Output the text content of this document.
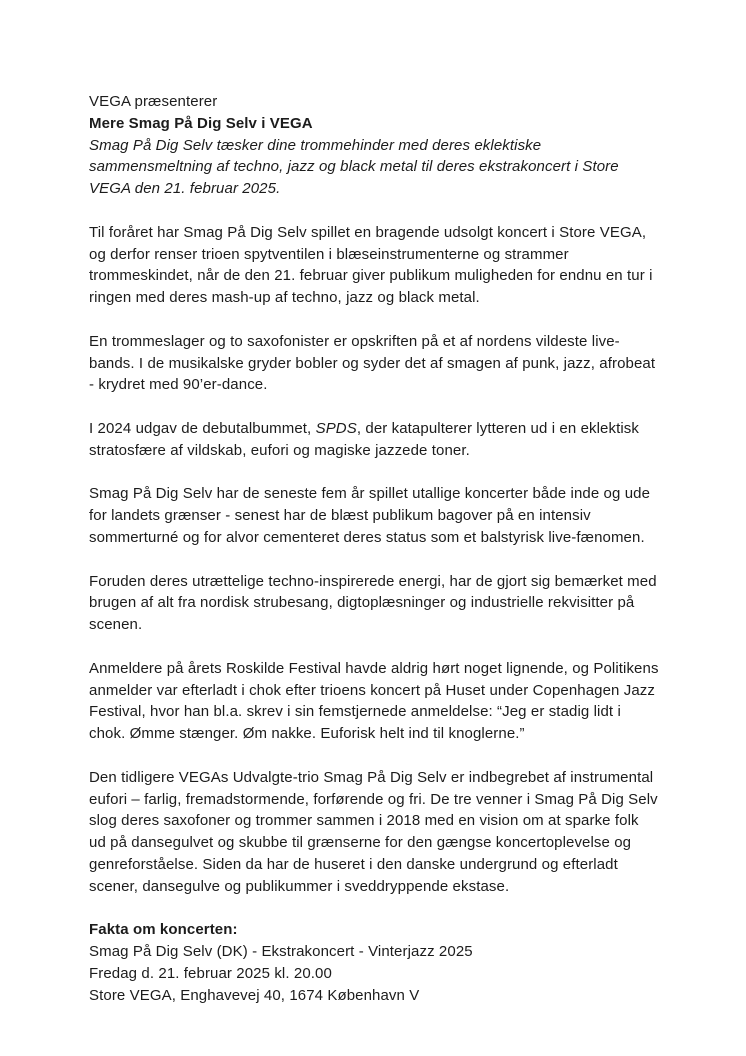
VEGA præsenterer

Mere Smag På Dig Selv i VEGA

Smag På Dig Selv tæsker dine trommehinder med deres eklektiske sammensmeltning af techno, jazz og black metal til deres ekstrakoncert i Store VEGA den 21. februar 2025.

Til foråret har Smag På Dig Selv spillet en bragende udsolgt koncert i Store VEGA, og derfor renser trioen spytventilen i blæseinstrumenterne og strammer trommeskindet, når de den 21. februar giver publikum muligheden for endnu en tur i ringen med deres mash-up af techno, jazz og black metal.

En trommeslager og to saxofonister er opskriften på et af nordens vildeste live-bands. I de musikalske gryder bobler og syder det af smagen af punk, jazz, afrobeat - krydret med 90’er-dance.

I 2024 udgav de debutalbummet, SPDS, der katapulterer lytteren ud i en eklektisk stratosfære af vildskab, eufori og magiske jazzede toner.

Smag På Dig Selv har de seneste fem år spillet utallige koncerter både inde og ude for landets grænser - senest har de blæst publikum bagover på en intensiv sommerturné og for alvor cementeret deres status som et balstyrisk live-fænomen.

Foruden deres utrættelige techno-inspirerede energi, har de gjort sig bemærket med brugen af alt fra nordisk strubesang, digtoplæsninger og industrielle rekvisitter på scenen.

Anmeldere på årets Roskilde Festival havde aldrig hørt noget lignende, og Politikens anmelder var efterladt i chok efter trioens koncert på Huset under Copenhagen Jazz Festival, hvor han bl.a. skrev i sin femstjernede anmeldelse: “Jeg er stadig lidt i chok. Ømme stænger. Øm nakke. Euforisk helt ind til knoglerne.”

Den tidligere VEGAs Udvalgte-trio Smag På Dig Selv er indbegrebet af instrumental eufori – farlig, fremadstormende, forførende og fri. De tre venner i Smag På Dig Selv slog deres saxofoner og trommer sammen i 2018 med en vision om at sparke folk ud på dansegulvet og skubbe til grænserne for den gængse koncertoplevelse og genreforståelse. Siden da har de huseret i den danske undergrund og efterladt scener, dansegulve og publikummer i sveddryppende ekstase.

Fakta om koncerten:

Smag På Dig Selv (DK) - Ekstrakoncert - Vinterjazz 2025

Fredag d. 21. februar 2025 kl. 20.00

Store VEGA, Enghavevej 40, 1674 København V
